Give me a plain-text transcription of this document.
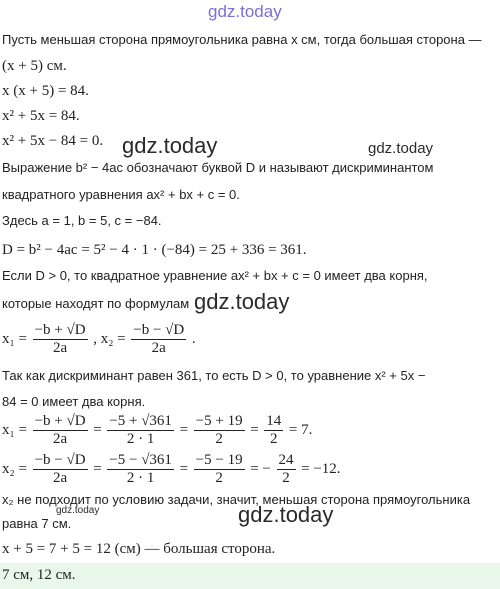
gdz.today
gdz.today	gdz.today
gdz.today
gdz.today	gdz.today
Пусть меньшая сторона прямоугольника равна x см, тогда большая сторона —
(x + 5) см.
x (x + 5) = 84.
x² + 5x = 84.
x² + 5x − 84 = 0.
Выражение b² − 4ac обозначают буквой D и называют дискриминантом
квадратного уравнения ax² + bx + c = 0.
Здесь a = 1, b = 5, c = −84.
D = b² − 4ac = 5² − 4 · 1 · (−84) = 25 + 336 = 361.
Если D > 0, то квадратное уравнение ax² + bx + c = 0 имеет два корня,
которые находят по формулам
$x_1 = \frac{-b + √D}{2a}$ , $x_2 = \frac{-b - √D}{2a}$ .
Так как дискриминант равен 361, то есть D > 0, то уравнение x² + 5x −
84 = 0 имеет два корня.
$x_1 = \frac{-b + √D}{2a} = \frac{-5 + √361}{2 \cdot 1} = \frac{-5 + 19}{2} = \frac{14}{2} = 7$.
$x_2 = \frac{-b - √D}{2a} = \frac{-5 - √361}{2 \cdot 1} = \frac{-5 - 19}{2}$ = − $\frac{24}{2} = -12$.
x₂ не подходит по условию задачи, значит, меньшая сторона прямоугольника
равна 7 см.
x + 5 = 7 + 5 = 12 (см) — большая сторона.
7 см, 12 см.
